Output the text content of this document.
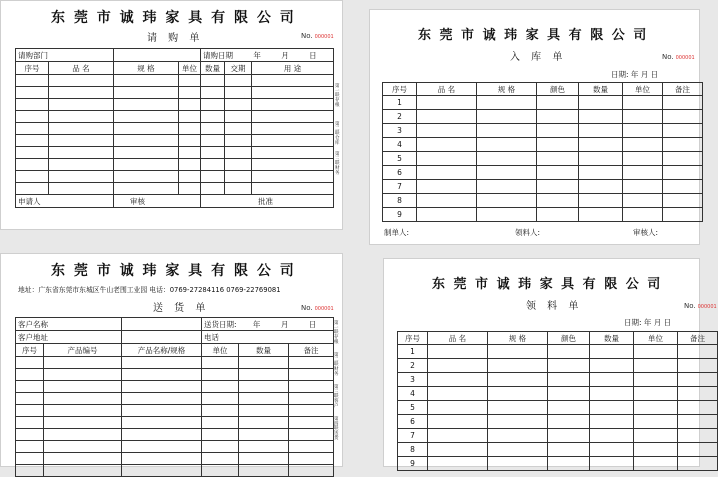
东 莞 市 诚 玮 家 具 有 限 公 司
请 购 单	No. 000001
请购部门				请购日期 年 月 日		
序号	品 名	规 格	单位	数量	交期	用 途

申请人		审核		批准		
第一联存根
第二联仓库
第三联财务
东 莞 市 诚 玮 家 具 有 限 公 司
入 库 单	No. 000001
日期: 年 月 日
序号	品 名	规 格	颜色	数量	单位	备注
1						
2						
3						
4						
5						
6						
7						
8						
9						
制单人:	领料人:	审核人:
东 莞 市 诚 玮 家 具 有 限 公 司
地址：广东省东莞市东城区牛山老围工业园 电话：0769-27284116 0769-22769081
送 货 单	No. 000001
客户名称			送货日期: 年 月 日		
客户地址			电话		
序号	产品编号	产品名称/规格	单位	数量	备注

第一联存根
第二联财务
第三联客户
第四联送货
东 莞 市 诚 玮 家 具 有 限 公 司
领 料 单	No. 000001
日期: 年 月 日
序号	品 名	规 格	颜色	数量	单位	备注
1						
2						
3						
4						
5						
6						
7						
8						
9						
